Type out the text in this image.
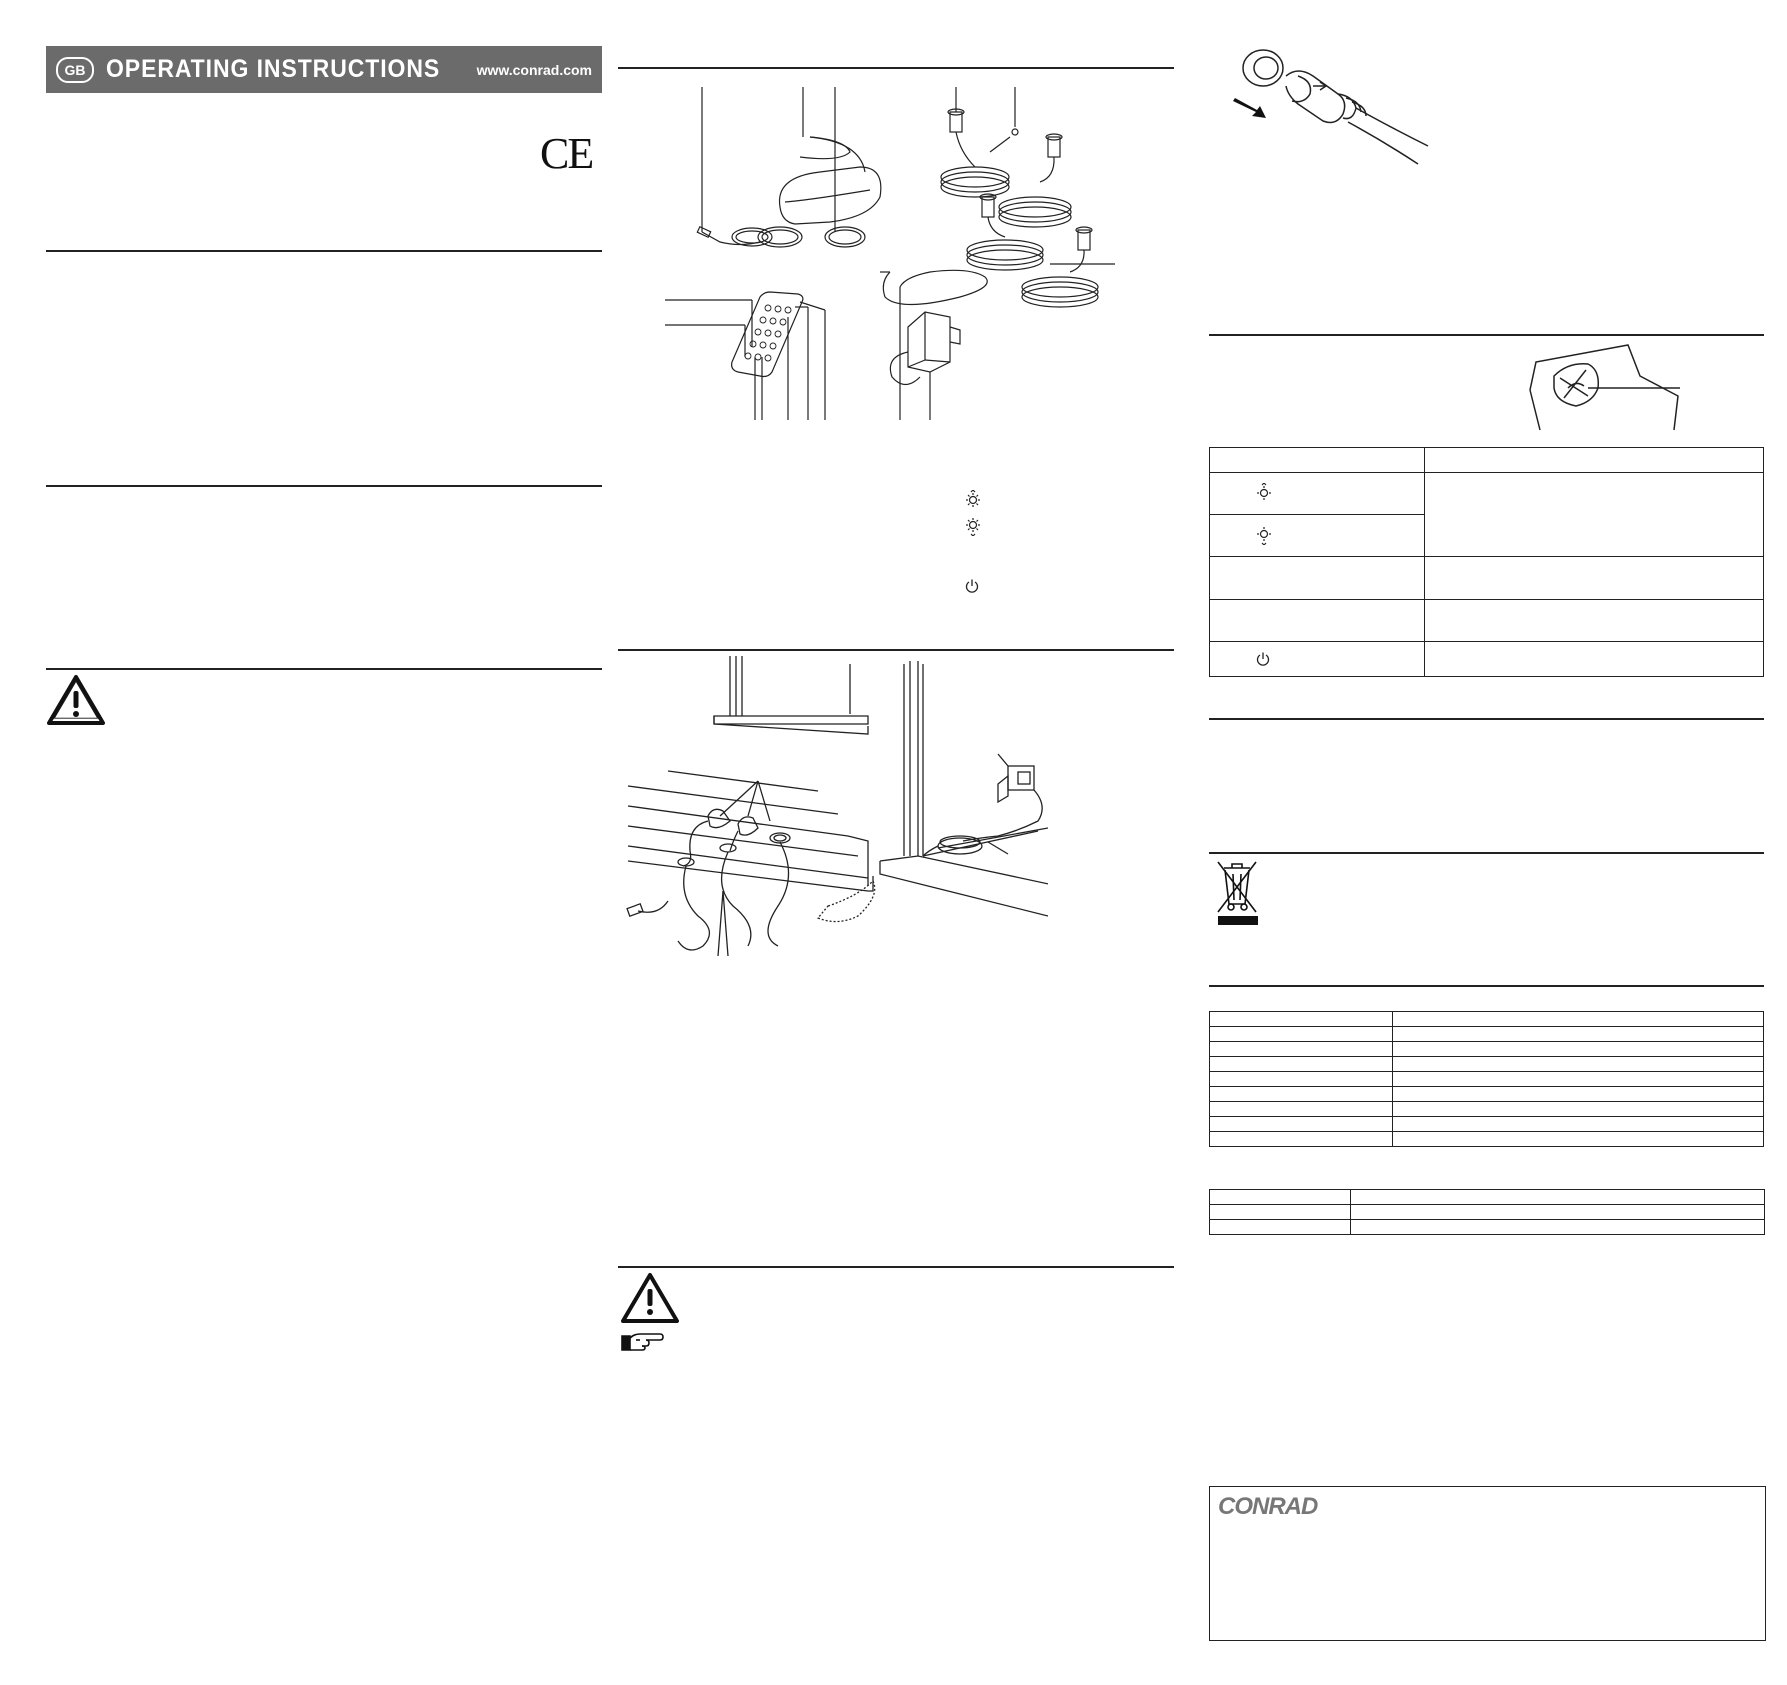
GB OPERATING INSTRUCTIONS	www.conrad.com
CE

CONRAD
